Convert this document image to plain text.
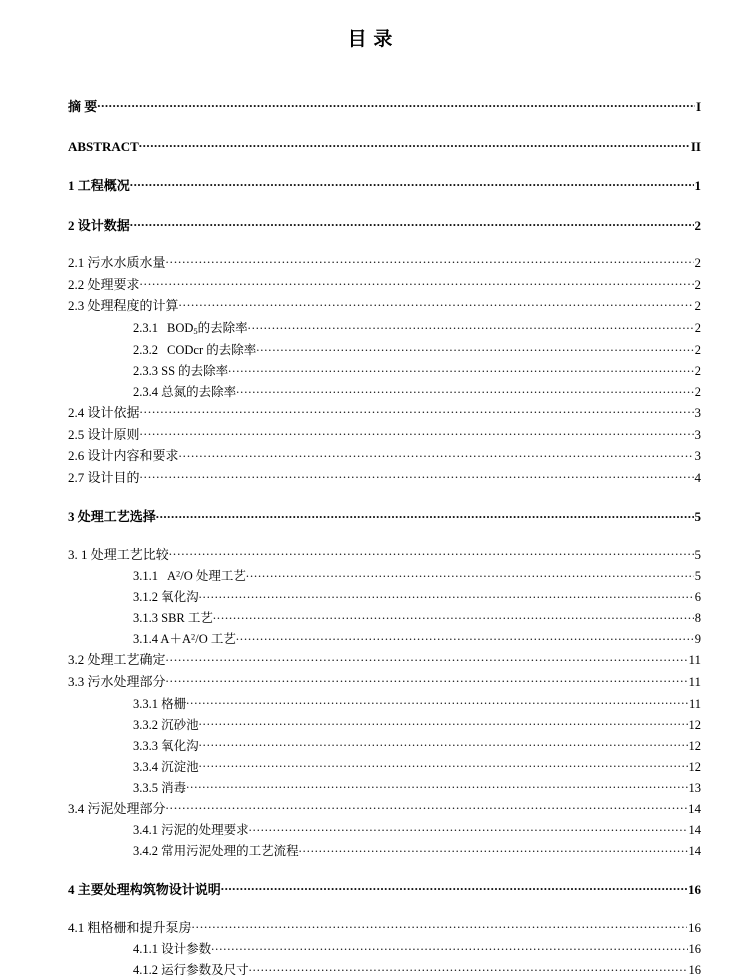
目 录
摘 要 .....	I
ABSTRACT .....	II
1 工程概况 .....	1
2 设计数据 .....	2
2.1 污水水质水量 .....	2
2.2 处理要求 .....	2
2.3 处理程度的计算 .....	2
2.3.1 $BOD_5$的去除率 .....	2
2.3.2 CODcr 的去除率 .....	2
2.3.3 SS 的去除率 .....	2
2.3.4 总氮的去除率 .....	2
2.4 设计依据 .....	3
2.5 设计原则 .....	3
2.6 设计内容和要求 .....	3
2.7 设计目的 .....	4
3 处理工艺选择 .....	5
3. 1 处理工艺比较 .....	5
3.1.1 $A^2/O$ 处理工艺 .....	5
3.1.2 氧化沟 .....	6
3.1.3 SBR 工艺 .....	8
3.1.4 $A+A^2/O$ 工艺 .....	9
3.2 处理工艺确定 .....	11
3.3 污水处理部分 .....	11
3.3.1 格栅 .....	11
3.3.2 沉砂池 .....	12
3.3.3 氧化沟 .....	12
3.3.4 沉淀池 .....	12
3.3.5 消毒 .....	13
3.4 污泥处理部分 .....	14
3.4.1 污泥的处理要求 .....	14
3.4.2 常用污泥处理的工艺流程 .....	14
4 主要处理构筑物设计说明 .....	16
4.1 粗格栅和提升泵房 .....	16
4.1.1 设计参数 .....	16
4.1.2 运行参数及尺寸 .....	16
